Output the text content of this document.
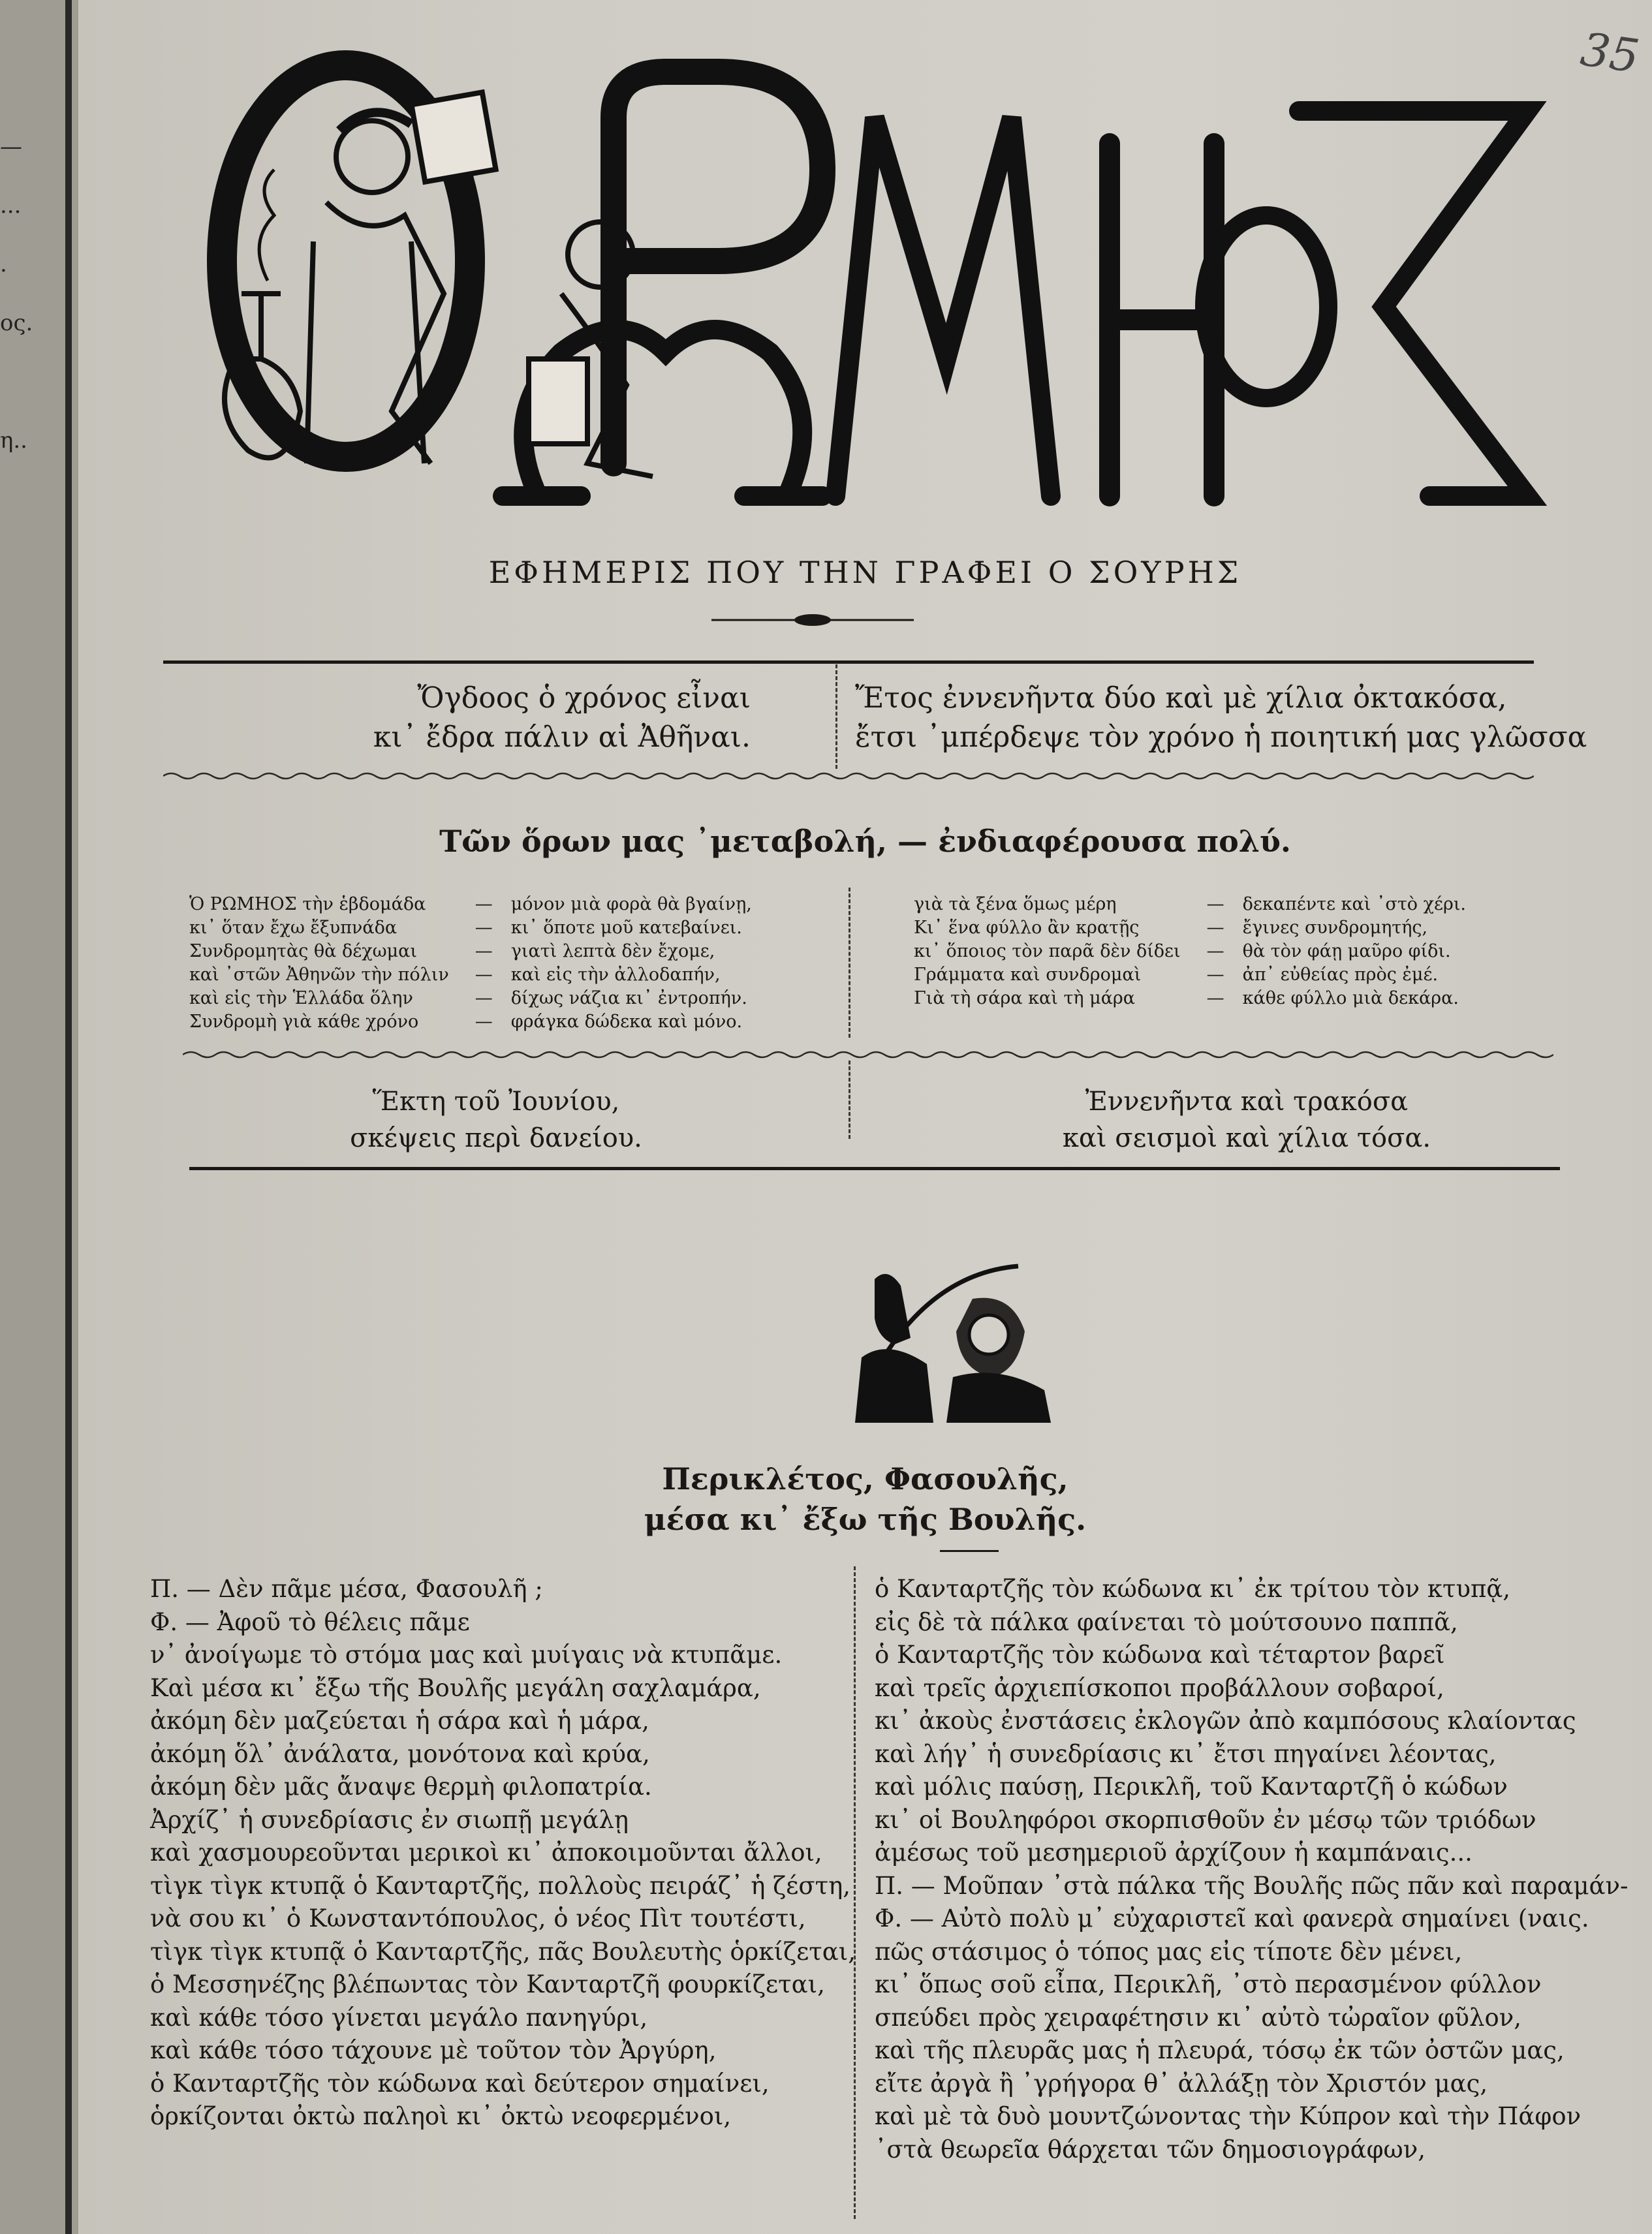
—
...
.
ος.

η..
35
ΕΦΗΜΕΡΙΣ ΠΟΥ ΤΗΝ ΓΡΑΦΕΙ Ο ΣΟΥΡΗΣ
Ὄγδοος ὁ χρόνος εἶναι
κι᾽ ἔδρα πάλιν αἱ Ἀθῆναι.
Ἔτος ἐννενῆντα δύο καὶ μὲ χίλια ὀκτακόσα,
ἔτσι ᾽μπέρδεψε τὸν χρόνο ἡ ποιητική μας γλῶσσα
Τῶν ὅρων μας ᾽μεταβολή, — ἐνδιαφέρουσα πολύ.
Ὁ ΡΩΜΗΟΣ τὴν ἑβδομάδα	—	μόνον μιὰ φορὰ θὰ βγαίνῃ,
κι᾽ ὅταν ἔχω ἔξυπνάδα	—	κι᾽ ὅποτε μοῦ κατεβαίνει.
Συνδρομητὰς θὰ δέχωμαι	—	γιατὶ λεπτὰ δὲν ἔχομε,
καὶ ᾽στῶν Ἀθηνῶν τὴν πόλιν	—	καὶ εἰς τὴν ἀλλοδαπήν,
καὶ εἰς τὴν Ἑλλάδα ὅλην	—	δίχως νάζια κι᾽ ἐντροπήν.
Συνδρομὴ γιὰ κάθε χρόνο	—	φράγκα δώδεκα καὶ μόνο.
γιὰ τὰ ξένα ὅμως μέρη	—	δεκαπέντε καὶ ᾽στὸ χέρι.
Κι᾽ ἕνα φύλλο ἂν κρατῇς	—	ἔγινες συνδρομητής,
κι᾽ ὅποιος τὸν παρᾶ δὲν δίδει	—	θὰ τὸν φάῃ μαῦρο φίδι.
Γράμματα καὶ συνδρομαὶ	—	ἀπ᾽ εὐθείας πρὸς ἐμέ.
Γιὰ τὴ σάρα καὶ τὴ μάρα	—	κάθε φύλλο μιὰ δεκάρα.
Ἕκτη τοῦ Ἰουνίου,
σκέψεις περὶ δανείου.
Ἐννενῆντα καὶ τρακόσα
καὶ σεισμοὶ καὶ χίλια τόσα.
Περικλέτος, Φασουλῆς,
μέσα κι᾽ ἔξω τῆς Βουλῆς.
Π. — Δὲν πᾶμε μέσα, Φασουλῆ ;
Φ. — Ἀφοῦ τὸ θέλεις πᾶμε
ν᾽ ἀνοίγωμε τὸ στόμα μας καὶ μυίγαις νὰ κτυπᾶμε.
Καὶ μέσα κι᾽ ἔξω τῆς Βουλῆς μεγάλη σαχλαμάρα,
ἀκόμη δὲν μαζεύεται ἡ σάρα καὶ ἡ μάρα,
ἀκόμη ὅλ᾽ ἀνάλατα, μονότονα καὶ κρύα,
ἀκόμη δὲν μᾶς ἄναψε θερμὴ φιλοπατρία.
Ἀρχίζ᾽ ἡ συνεδρίασις ἐν σιωπῇ μεγάλῃ
καὶ χασμουρεοῦνται μερικοὶ κι᾽ ἀποκοιμοῦνται ἄλλοι,
τὶγκ τὶγκ κτυπᾷ ὁ Κανταρτζῆς, πολλοὺς πειράζ᾽ ἡ ζέστη,
νὰ σου κι᾽ ὁ Κωνσταντόπουλος, ὁ νέος Πὶτ τουτέστι,
τὶγκ τὶγκ κτυπᾷ ὁ Κανταρτζῆς, πᾶς Βουλευτὴς ὁρκίζεται,
ὁ Μεσσηνέζης βλέπωντας τὸν Κανταρτζῆ φουρκίζεται,
καὶ κάθε τόσο γίνεται μεγάλο πανηγύρι,
καὶ κάθε τόσο τάχουνε μὲ τοῦτον τὸν Ἀργύρη,
ὁ Κανταρτζῆς τὸν κώδωνα καὶ δεύτερον σημαίνει,
ὁρκίζονται ὀκτὼ παληοὶ κι᾽ ὀκτὼ νεοφερμένοι,
ὁ Κανταρτζῆς τὸν κώδωνα κι᾽ ἐκ τρίτου τὸν κτυπᾷ,
εἰς δὲ τὰ πάλκα φαίνεται τὸ μούτσουνο παππᾶ,
ὁ Κανταρτζῆς τὸν κώδωνα καὶ τέταρτον βαρεῖ
καὶ τρεῖς ἀρχιεπίσκοποι προβάλλουν σοβαροί,
κι᾽ ἀκοὺς ἐνστάσεις ἐκλογῶν ἀπὸ καμπόσους κλαίοντας
καὶ λήγ᾽ ἡ συνεδρίασις κι᾽ ἔτσι πηγαίνει λέοντας,
καὶ μόλις παύσῃ, Περικλῆ, τοῦ Κανταρτζῆ ὁ κώδων
κι᾽ οἱ Βουληφόροι σκορπισθοῦν ἐν μέσῳ τῶν τριόδων
ἀμέσως τοῦ μεσημεριοῦ ἀρχίζουν ἡ καμπάναις...
Π. — Μοῦπαν ᾽στὰ πάλκα τῆς Βουλῆς πῶς πᾶν καὶ παραμάν-
Φ. — Αὐτὸ πολὺ μ᾽ εὐχαριστεῖ καὶ φανερὰ σημαίνει (ναις.
πῶς στάσιμος ὁ τόπος μας εἰς τίποτε δὲν μένει,
κι᾽ ὅπως σοῦ εἶπα, Περικλῆ, ᾽στὸ περασμένον φύλλον
σπεύδει πρὸς χειραφέτησιν κι᾽ αὐτὸ τὠραῖον φῦλον,
καὶ τῆς πλευρᾶς μας ἡ πλευρά, τόσῳ ἐκ τῶν ὀστῶν μας,
εἴτε ἀργὰ ἢ ᾽γρήγορα θ᾽ ἀλλάξῃ τὸν Χριστόν μας,
καὶ μὲ τὰ δυὸ μουντζώνοντας τὴν Κύπρον καὶ τὴν Πάφον
᾽στὰ θεωρεῖα θάρχεται τῶν δημοσιογράφων,
